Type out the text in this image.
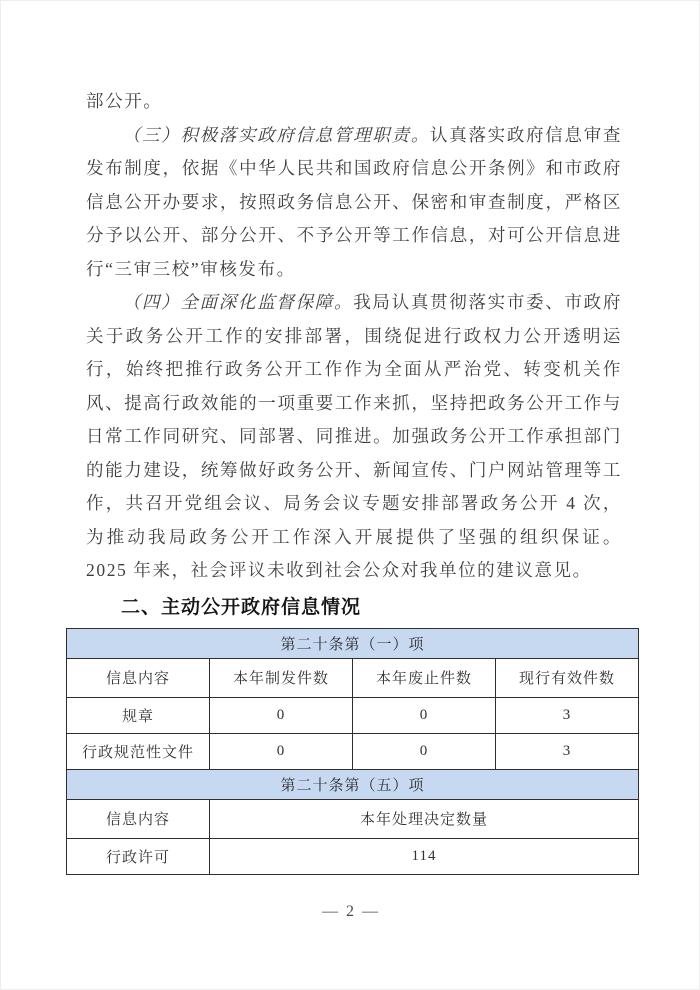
部公开。

（三）积极落实政府信息管理职责。认真落实政府信息审查发布制度，依据《中华人民共和国政府信息公开条例》和市政府信息公开办要求，按照政务信息公开、保密和审查制度，严格区分予以公开、部分公开、不予公开等工作信息，对可公开信息进行“三审三校”审核发布。

（四）全面深化监督保障。我局认真贯彻落实市委、市政府关于政务公开工作的安排部署，围绕促进行政权力公开透明运行，始终把推行政务公开工作作为全面从严治党、转变机关作风、提高行政效能的一项重要工作来抓，坚持把政务公开工作与日常工作同研究、同部署、同推进。加强政务公开工作承担部门的能力建设，统筹做好政务公开、新闻宣传、门户网站管理等工作，共召开党组会议、局务会议专题安排部署政务公开 4 次，为推动我局政务公开工作深入开展提供了坚强的组织保证。2025 年来，社会评议未收到社会公众对我单位的建议意见。

二、主动公开政府信息情况
第二十条第（一）项			
信息内容	本年制发件数	本年废止件数	现行有效件数
规章	0	0	3
行政规范性文件	0	0	3
第二十条第（五）项			
信息内容	本年处理决定数量		
行政许可	114		
— 2 —
